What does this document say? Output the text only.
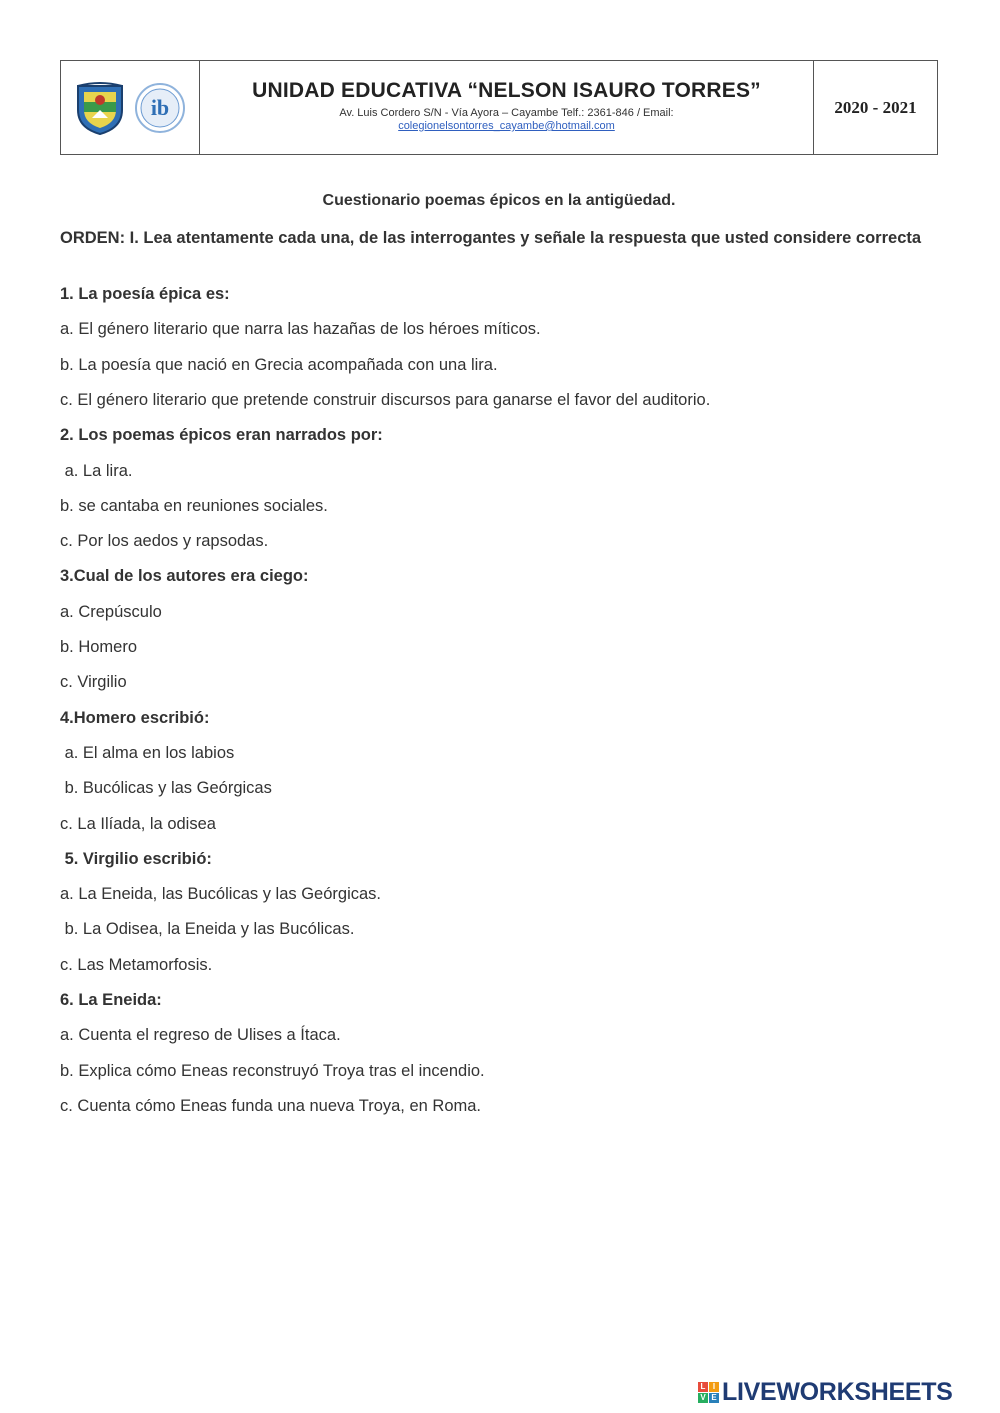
ib
UNIDAD EDUCATIVA “NELSON ISAURO TORRES”
Av. Luis Cordero S/N - Vía Ayora – Cayambe Telf.: 2361-846 / Email:
colegionelsontorres_cayambe@hotmail.com
2020 - 2021
Cuestionario poemas épicos en la antigüedad.
ORDEN: I. Lea atentamente cada una, de las interrogantes y señale la respuesta que usted considere correcta
1. La poesía épica es:
a. El género literario que narra las hazañas de los héroes míticos.
b. La poesía que nació en Grecia acompañada con una lira.
c. El género literario que pretende construir discursos para ganarse el favor del auditorio.
2. Los poemas épicos eran narrados por:
a. La lira.
b. se cantaba en reuniones sociales.
c. Por los aedos y rapsodas.
3.Cual de los autores era ciego:
a. Crepúsculo
b. Homero
c. Virgilio
4.Homero escribió:
a. El alma en los labios
b. Bucólicas y las Geórgicas
c. La Ilíada, la odisea
5. Virgilio escribió:
a. La Eneida, las Bucólicas y las Geórgicas.
b. La Odisea, la Eneida y las Bucólicas.
c. Las Metamorfosis.
6. La Eneida:
a. Cuenta el regreso de Ulises a Ítaca.
b. Explica cómo Eneas reconstruyó Troya tras el incendio.
c. Cuenta cómo Eneas funda una nueva Troya, en Roma.
L I
V E LIVEWORKSHEETS
